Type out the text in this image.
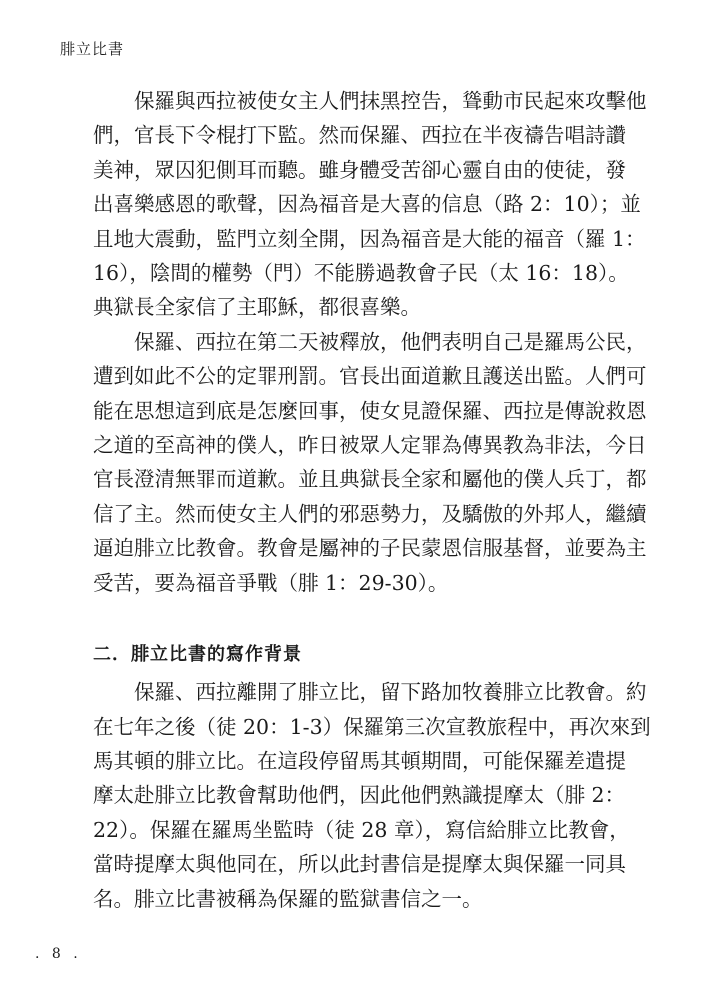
腓立比書

保羅與西拉被使女主人們抹黑控告，聳動市民起來攻擊他
們，官長下令棍打下監。然而保羅、西拉在半夜禱告唱詩讚
美神，眾囚犯側耳而聽。雖身體受苦卻心靈自由的使徒，發
出喜樂感恩的歌聲，因為福音是大喜的信息（路 2：10）；並
且地大震動，監門立刻全開，因為福音是大能的福音（羅 1：
16），陰間的權勢（門）不能勝過教會子民（太 16：18）。
典獄長全家信了主耶穌，都很喜樂。

保羅、西拉在第二天被釋放，他們表明自己是羅馬公民，
遭到如此不公的定罪刑罰。官長出面道歉且護送出監。人們可
能在思想這到底是怎麼回事，使女見證保羅、西拉是傳說救恩
之道的至高神的僕人，昨日被眾人定罪為傳異教為非法，今日
官長澄清無罪而道歉。並且典獄長全家和屬他的僕人兵丁，都
信了主。然而使女主人們的邪惡勢力，及驕傲的外邦人，繼續
逼迫腓立比教會。教會是屬神的子民蒙恩信服基督，並要為主
受苦，要為福音爭戰（腓 1：29-30）。

二．腓立比書的寫作背景

保羅、西拉離開了腓立比，留下路加牧養腓立比教會。約
在七年之後（徒 20：1-3）保羅第三次宣教旅程中，再次來到
馬其頓的腓立比。在這段停留馬其頓期間，可能保羅差遣提
摩太赴腓立比教會幫助他們，因此他們熟識提摩太（腓 2：
22）。保羅在羅馬坐監時（徒 28 章），寫信給腓立比教會，
當時提摩太與他同在，所以此封書信是提摩太與保羅一同具
名。腓立比書被稱為保羅的監獄書信之一。

. 8 .
